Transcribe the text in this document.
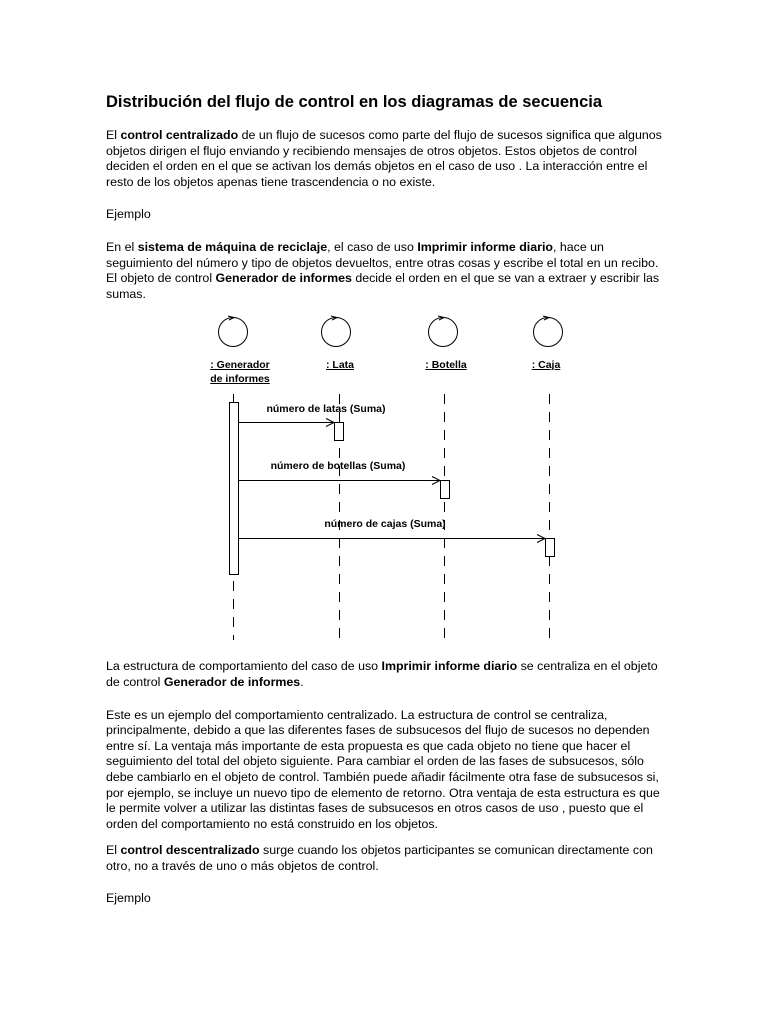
Distribución del flujo de control en los diagramas de secuencia

El control centralizado de un flujo de sucesos como parte del flujo de sucesos significa que algunos objetos dirigen el flujo enviando y recibiendo mensajes de otros objetos. Estos objetos de control deciden el orden en el que se activan los demás objetos en el caso de uso . La interacción entre el resto de los objetos apenas tiene trascendencia o no existe.

Ejemplo

En el sistema de máquina de reciclaje, el caso de uso Imprimir informe diario, hace un seguimiento del número y tipo de objetos devueltos, entre otras cosas y escribe el total en un recibo. El objeto de control Generador de informes decide el orden en el que se van a extraer y escribir las sumas.

: Generador de informes
: Lata	: Botella	: Caja
número de latas (Suma)
número de botellas (Suma)
número de cajas (Suma)

La estructura de comportamiento del caso de uso Imprimir informe diario se centraliza en el objeto de control Generador de informes.

Este es un ejemplo del comportamiento centralizado. La estructura de control se centraliza, principalmente, debido a que las diferentes fases de subsucesos del flujo de sucesos no dependen entre sí. La ventaja más importante de esta propuesta es que cada objeto no tiene que hacer el seguimiento del total del objeto siguiente. Para cambiar el orden de las fases de subsucesos, sólo debe cambiarlo en el objeto de control. También puede añadir fácilmente otra fase de subsucesos si, por ejemplo, se incluye un nuevo tipo de elemento de retorno. Otra ventaja de esta estructura es que le permite volver a utilizar las distintas fases de subsucesos en otros casos de uso , puesto que el orden del comportamiento no está construido en los objetos.

El control descentralizado surge cuando los objetos participantes se comunican directamente con otro, no a través de uno o más objetos de control.

Ejemplo
